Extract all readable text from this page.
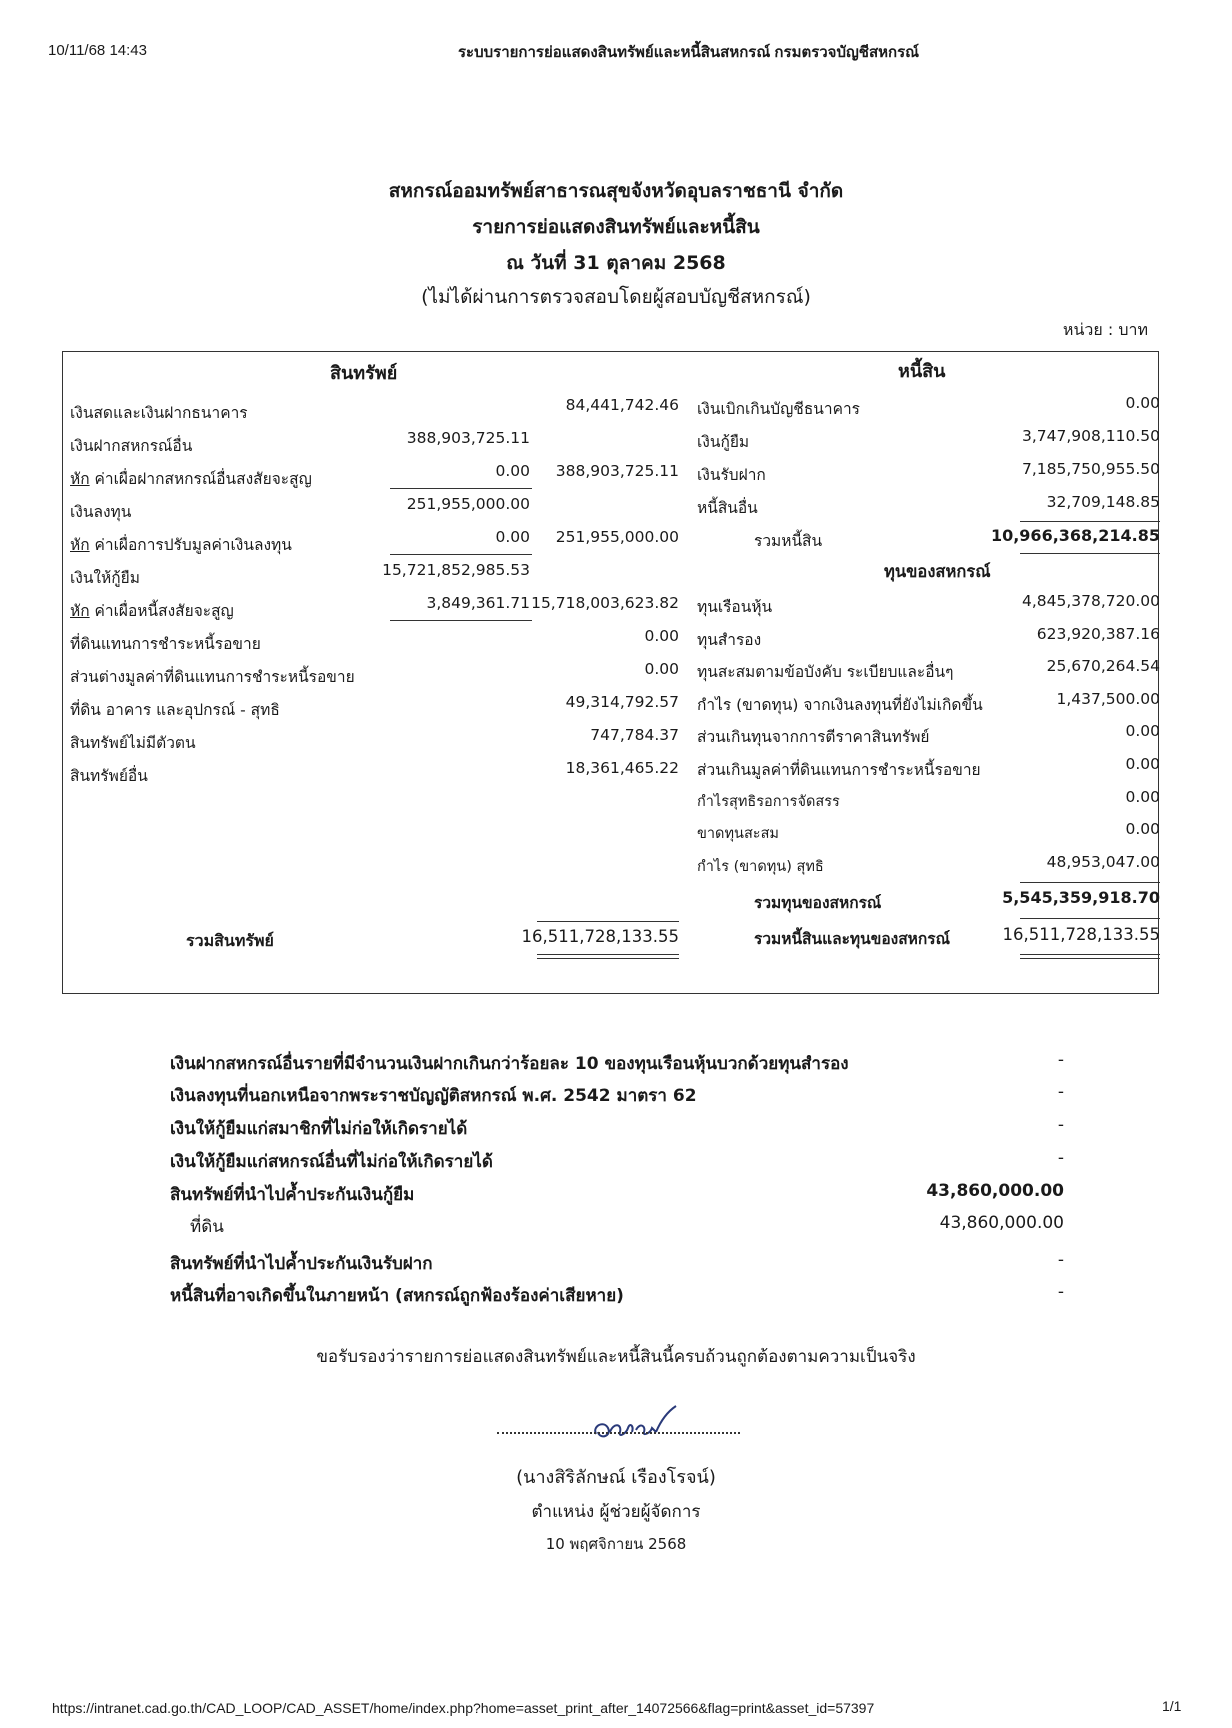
10/11/68 14:43	ระบบรายการย่อแสดงสินทรัพย์และหนี้สินสหกรณ์ กรมตรวจบัญชีสหกรณ์
สหกรณ์ออมทรัพย์สาธารณสุขจังหวัดอุบลราชธานี จำกัด
รายการย่อแสดงสินทรัพย์และหนี้สิน
ณ วันที่ 31 ตุลาคม 2568
(ไม่ได้ผ่านการตรวจสอบโดยผู้สอบบัญชีสหกรณ์)
หน่วย : บาท
สินทรัพย์
เงินสดและเงินฝากธนาคาร	84,441,742.46
เงินฝากสหกรณ์อื่น	388,903,725.11
หัก ค่าเผื่อฝากสหกรณ์อื่นสงสัยจะสูญ	0.00 388,903,725.11
เงินลงทุน	251,955,000.00
หัก ค่าเผื่อการปรับมูลค่าเงินลงทุน	0.00 251,955,000.00
เงินให้กู้ยืม	15,721,852,985.53
หัก ค่าเผื่อหนี้สงสัยจะสูญ	3,849,361.71 15,718,003,623.82
ที่ดินแทนการชำระหนี้รอขาย	0.00
ส่วนต่างมูลค่าที่ดินแทนการชำระหนี้รอขาย	0.00
ที่ดิน อาคาร และอุปกรณ์ - สุทธิ	49,314,792.57
สินทรัพย์ไม่มีตัวตน	747,784.37
สินทรัพย์อื่น	18,361,465.22
รวมสินทรัพย์	16,511,728,133.55
หนี้สิน
เงินเบิกเกินบัญชีธนาคาร	0.00
เงินกู้ยืม	3,747,908,110.50
เงินรับฝาก	7,185,750,955.50
หนี้สินอื่น	32,709,148.85
รวมหนี้สิน	10,966,368,214.85
ทุนของสหกรณ์
ทุนเรือนหุ้น	4,845,378,720.00
ทุนสำรอง	623,920,387.16
ทุนสะสมตามข้อบังคับ ระเบียบและอื่นๆ	25,670,264.54
กำไร (ขาดทุน) จากเงินลงทุนที่ยังไม่เกิดขึ้น	1,437,500.00
ส่วนเกินทุนจากการตีราคาสินทรัพย์	0.00
ส่วนเกินมูลค่าที่ดินแทนการชำระหนี้รอขาย	0.00
กำไรสุทธิรอการจัดสรร	0.00
ขาดทุนสะสม	0.00
กำไร (ขาดทุน) สุทธิ	48,953,047.00
รวมทุนของสหกรณ์	5,545,359,918.70
รวมหนี้สินและทุนของสหกรณ์	16,511,728,133.55
เงินฝากสหกรณ์อื่นรายที่มีจำนวนเงินฝากเกินกว่าร้อยละ 10 ของทุนเรือนหุ้นบวกด้วยทุนสำรอง	-
เงินลงทุนที่นอกเหนือจากพระราชบัญญัติสหกรณ์ พ.ศ. 2542 มาตรา 62	-
เงินให้กู้ยืมแก่สมาชิกที่ไม่ก่อให้เกิดรายได้	-
เงินให้กู้ยืมแก่สหกรณ์อื่นที่ไม่ก่อให้เกิดรายได้	-
สินทรัพย์ที่นำไปค้ำประกันเงินกู้ยืม	43,860,000.00
ที่ดิน	43,860,000.00
สินทรัพย์ที่นำไปค้ำประกันเงินรับฝาก	-
หนี้สินที่อาจเกิดขึ้นในภายหน้า (สหกรณ์ถูกฟ้องร้องค่าเสียหาย)	-
ขอรับรองว่ารายการย่อแสดงสินทรัพย์และหนี้สินนี้ครบถ้วนถูกต้องตามความเป็นจริง
(นางสิริลักษณ์ เรืองโรจน์)
ตำแหน่ง ผู้ช่วยผู้จัดการ
10 พฤศจิกายน 2568
https://intranet.cad.go.th/CAD_LOOP/CAD_ASSET/home/index.php?home=asset_print_after_14072566&flag=print&asset_id=57397	1/1
